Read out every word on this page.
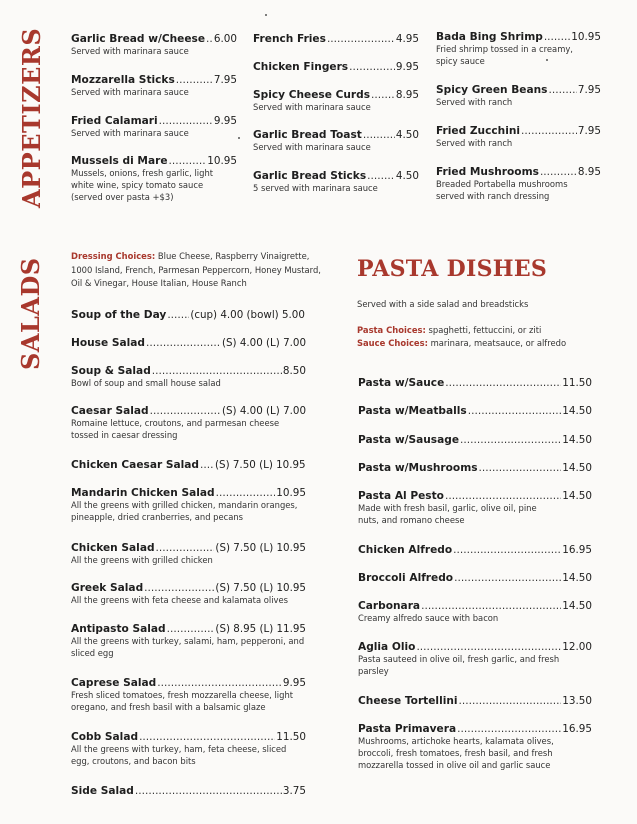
APPETIZERS
SALADS
Garlic Bread w/Cheese ..... 6.00
Served with marinara sauce
Mozzarella Sticks .....	7.95
Served with marinara sauce
Fried Calamari .....	9.95
Served with marinara sauce
Mussels di Mare .....	10.95
Mussels, onions, fresh garlic, light white wine, spicy tomato sauce (served over pasta +$3)
French Fries .....	4.95
Chicken Fingers .....	9.95
Spicy Cheese Curds ..... 8.95
Served with marinara sauce
Garlic Bread Toast .....	4.50
Served with marinara sauce
Garlic Bread Sticks .....	4.50
5 served with marinara sauce
Bada Bing Shrimp .....	10.95
Fried shrimp tossed in a creamy, spicy sauce
Spicy Green Beans .....	7.95
Served with ranch
Fried Zucchini .....	7.95
Served with ranch
Fried Mushrooms .....	8.95
Breaded Portabella mushrooms served with ranch dressing
Dressing Choices: Blue Cheese, Raspberry Vinaigrette, 1000 Island, French, Parmesan Peppercorn, Honey Mustard, Oil & Vinegar, House Italian, House Ranch
Soup of the Day ..... (cup) 4.00 (bowl) 5.00
House Salad .....	(S) 4.00 (L) 7.00
Soup & Salad .....	8.50
Bowl of soup and small house salad
Caesar Salad .....	(S) 4.00 (L) 7.00
Romaine lettuce, croutons, and parmesan cheese tossed in caesar dressing
Chicken Caesar Salad ..... (S) 7.50 (L) 10.95
Mandarin Chicken Salad .....	10.95
All the greens with grilled chicken, mandarin oranges, pineapple, dried cranberries, and pecans
Chicken Salad .....	(S) 7.50 (L) 10.95
All the greens with grilled chicken
Greek Salad .....	(S) 7.50 (L) 10.95
All the greens with feta cheese and kalamata olives
Antipasto Salad .....	(S) 8.95 (L) 11.95
All the greens with turkey, salami, ham, pepperoni, and sliced egg
Caprese Salad .....	9.95
Fresh sliced tomatoes, fresh mozzarella cheese, light oregano, and fresh basil with a balsamic glaze
Cobb Salad .....	11.50
All the greens with turkey, ham, feta cheese, sliced egg, croutons, and bacon bits
Side Salad .....	3.75
PASTA DISHES
Served with a side salad and breadsticks
Pasta Choices: spaghetti, fettuccini, or ziti
Sauce Choices: marinara, meatsauce, or alfredo
Pasta w/Sauce .....	11.50
Pasta w/Meatballs .....	14.50
Pasta w/Sausage .....	14.50
Pasta w/Mushrooms .....	14.50
Pasta Al Pesto .....	14.50
Made with fresh basil, garlic, olive oil, pine nuts, and romano cheese
Chicken Alfredo .....	16.95
Broccoli Alfredo .....	14.50
Carbonara .....	14.50
Creamy alfredo sauce with bacon
Aglia Olio .....	12.00
Pasta sauteed in olive oil, fresh garlic, and fresh parsley
Cheese Tortellini .....	13.50
Pasta Primavera .....	16.95
Mushrooms, artichoke hearts, kalamata olives, broccoli, fresh tomatoes, fresh basil, and fresh mozzarella tossed in olive oil and garlic sauce
